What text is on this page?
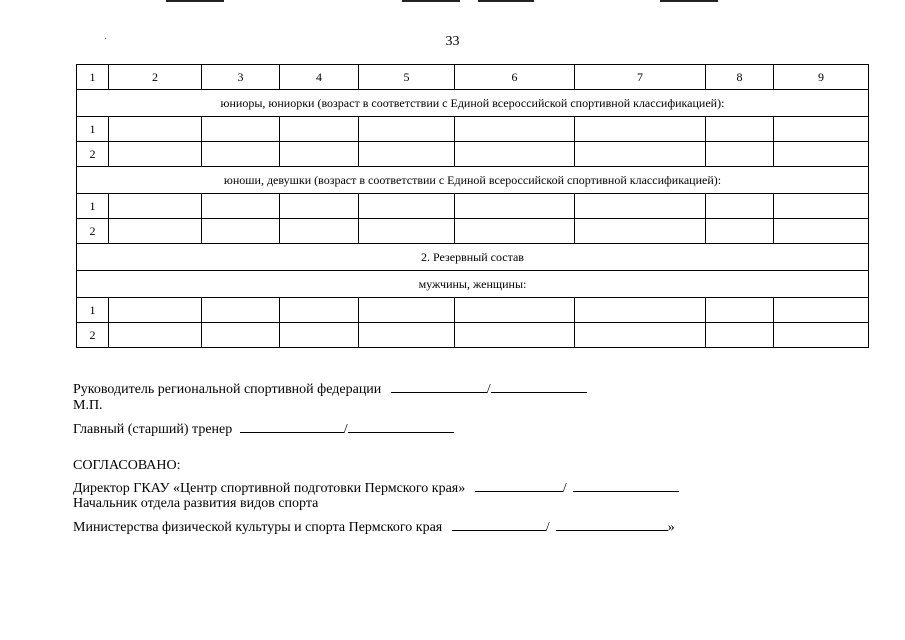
·	33
1	2	3	4	5	6	7	8	9
юниоры, юниорки (возраст в соответствии с Единой всероссийской спортивной классификацией):								
1								
2								
юноши, девушки (возраст в соответствии с Единой всероссийской спортивной классификацией):								
1								
2								
2. Резервный состав								
мужчины, женщины:								
1								
2								
Руководитель региональной спортивной федерации	/
М.П.
Главный (старший) тренер	/
СОГЛАСОВАНО:
Директор ГКАУ «Центр спортивной подготовки Пермского края»	/
Начальник отдела развития видов спорта
Министерства физической культуры и спорта Пермского края	/	»
